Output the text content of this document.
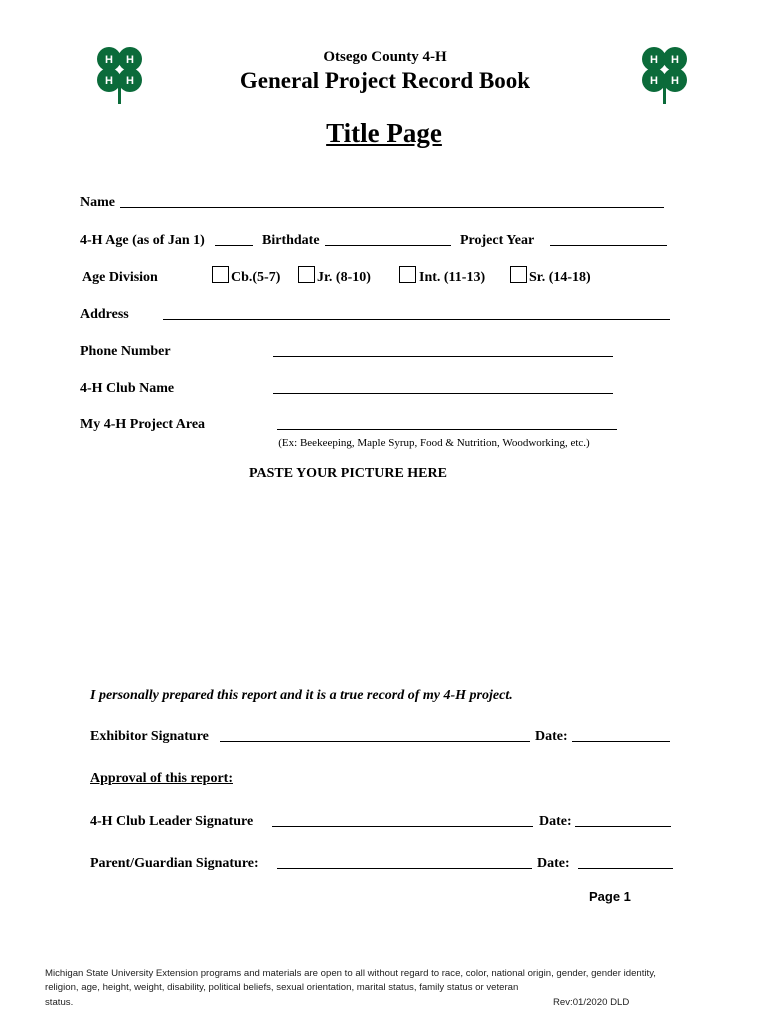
H H
H H
H H
H H
Otsego County 4-H
General Project Record Book
Title Page
Name
4-H Age (as of Jan 1)	Birthdate	Project Year
Age Division	Cb.(5-7)	Jr. (8-10)	Int. (11-13)	Sr. (14-18)
Address
Phone Number
4-H Club Name
My 4-H Project Area
(Ex: Beekeeping, Maple Syrup, Food & Nutrition, Woodworking, etc.)
PASTE YOUR PICTURE HERE
I personally prepared this report and it is a true record of my 4-H project.
Exhibitor Signature	Date:
Approval of this report:
4-H Club Leader Signature	Date:
Parent/Guardian Signature:	Date:
Page 1
Michigan State University Extension programs and materials are open to all without regard to race, color, national origin, gender, gender identity,
religion, age, height, weight, disability, political beliefs, sexual orientation, marital status, family status or veteran
status.	Rev:01/2020 DLD
